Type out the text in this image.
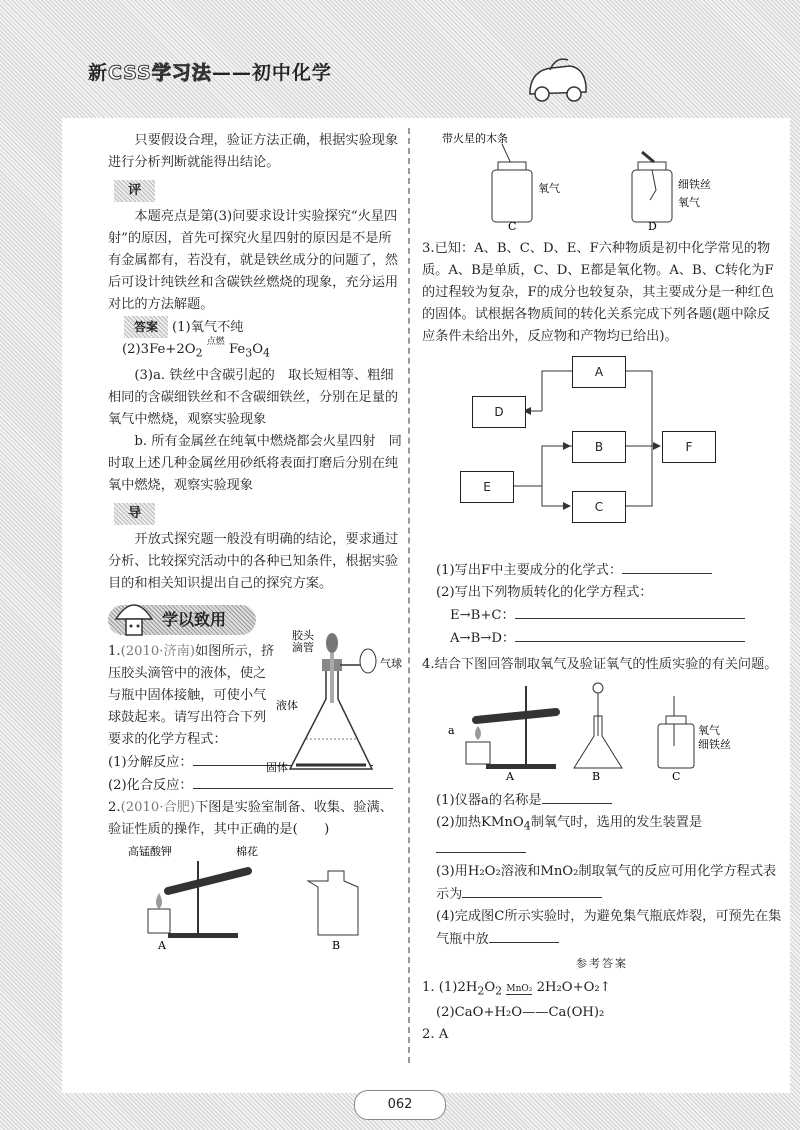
新CSS学习法——初中化学

只要假设合理，验证方法正确，根据实验现象进行分析判断就能得出结论。

评

本题亮点是第(3)问要求设计实验探究“火星四射”的原因，首先可探究火星四射的原因是不是所有金属都有，若没有，就是铁丝成分的问题了，然后可设计纯铁丝和含碳铁丝燃烧的现象，充分运用对比的方法解题。

答案 (1)氧气不纯
$(2)3Fe+2O_2$ $^{点燃}$ $Fe_3O_4$

(3)a. 铁丝中含碳引起的　取长短相等、粗细相同的含碳细铁丝和不含碳细铁丝，分别在足量的氧气中燃烧，观察实验现象

b. 所有金属丝在纯氧中燃烧都会火星四射　同时取上述几种金属丝用砂纸将表面打磨后分别在纯氧中燃烧，观察实验现象

导

开放式探究题一般没有明确的结论，要求通过分析、比较探究活动中的各种已知条件，根据实验目的和相关知识提出自己的探究方案。

学以致用
1.(2010·济南)如图所示，挤压胶头滴管中的液体，使之与瓶中固体接触，可使小气球鼓起来。请写出符合下列要求的化学方程式：
胶头
滴管
气球
液体
固体
(1)分解反应：
(2)化合反应：
2.(2010·合肥)下图是实验室制备、收集、验满、验证性质的操作，其中正确的是(　　)
高锰酸钾	棉花
A	B
带火星的木条
氧气
C
细铁丝
氧气
D
3.已知：A、B、C、D、E、F六种物质是初中化学常见的物质。A、B是单质，C、D、E都是氧化物。A、B、C转化为F的过程较为复杂，F的成分也较复杂，其主要成分是一种红色的固体。试根据各物质间的转化关系完成下列各题(题中除反应条件未给出外，反应物和产物均已给出)。
A
D
B	F
E
C
(1)写出F中主要成分的化学式：
(2)写出下列物质转化的化学方程式：
E→B+C：
A→B→D：
4.结合下图回答制取氧气及验证氧气的性质实验的有关问题。
a
A	B
氧气
细铁丝
C
(1)仪器a的名称是
(2)加热KMnO$_4$制氧气时，选用的发生装置是
(3)用H₂O₂溶液和MnO₂制取氧气的反应可用化学方程式表示为
(4)完成图C所示实验时，为避免集气瓶底炸裂，可预先在集气瓶中放
参考答案
1. $(1)2H_2O_2$ MnO₂ 2H₂O+O₂↑
(2)CaO+H₂O——Ca(OH)₂
2. A
062
